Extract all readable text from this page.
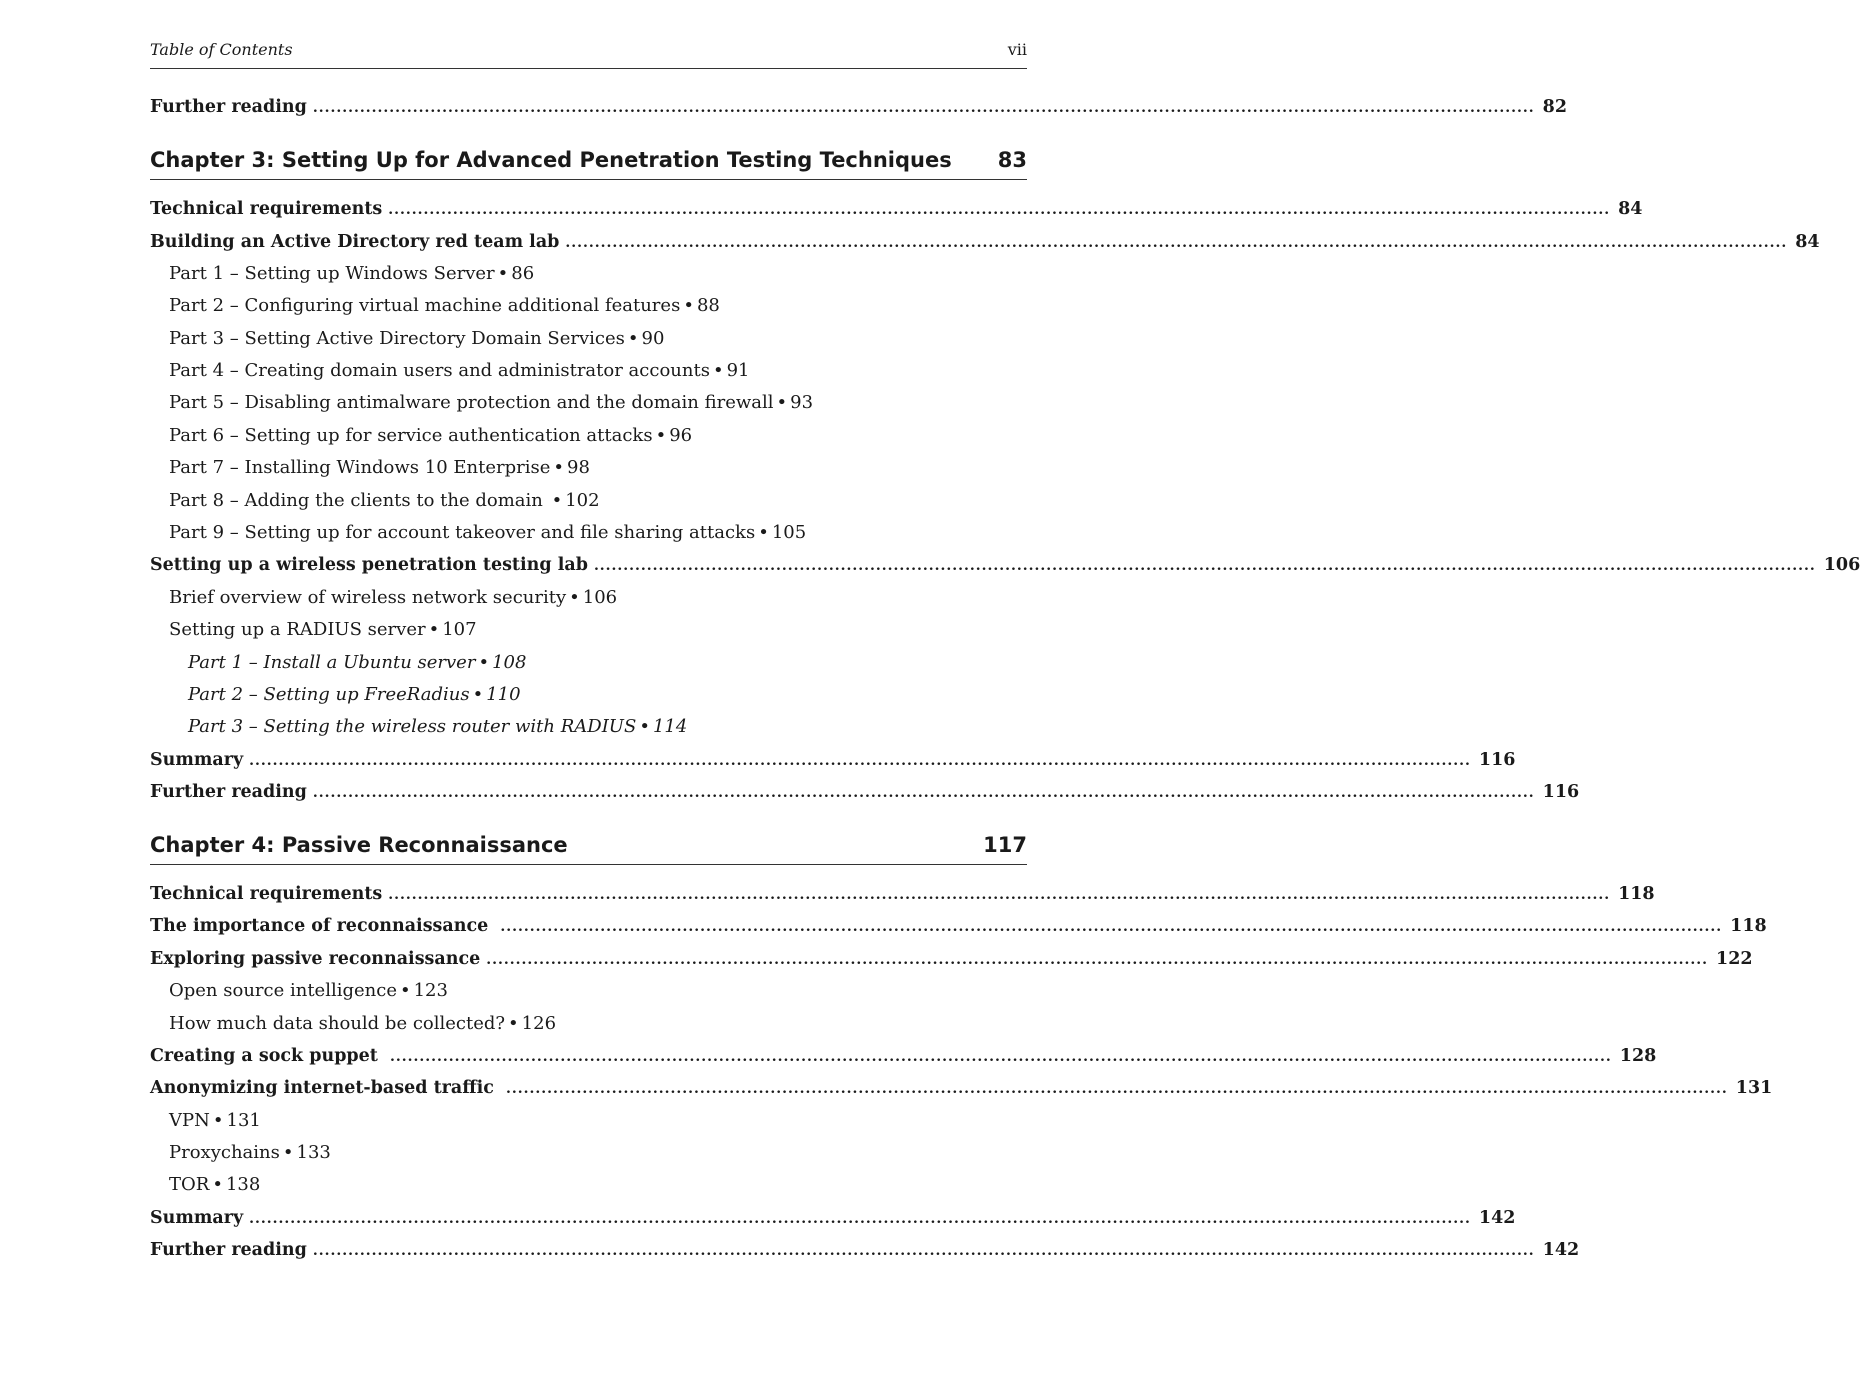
Table of Contents	vii
Further reading ................................................................................................................................................................................................................ 82
Chapter 3: Setting Up for Advanced Penetration Testing Techniques 83
Technical requirements ................................................................................................................................................................................................................ 84
Building an Active Directory red team lab ................................................................................................................................................................................................................ 84
Part 1 – Setting up Windows Server • 86
Part 2 – Configuring virtual machine additional features • 88
Part 3 – Setting Active Directory Domain Services • 90
Part 4 – Creating domain users and administrator accounts • 91
Part 5 – Disabling antimalware protection and the domain firewall • 93
Part 6 – Setting up for service authentication attacks • 96
Part 7 – Installing Windows 10 Enterprise • 98
Part 8 – Adding the clients to the domain • 102
Part 9 – Setting up for account takeover and file sharing attacks • 105
Setting up a wireless penetration testing lab ................................................................................................................................................................................................................ 106
Brief overview of wireless network security • 106
Setting up a RADIUS server • 107
Part 1 – Install a Ubuntu server • 108
Part 2 – Setting up FreeRadius • 110
Part 3 – Setting the wireless router with RADIUS • 114
Summary ................................................................................................................................................................................................................ 116
Further reading ................................................................................................................................................................................................................ 116
Chapter 4: Passive Reconnaissance	117
Technical requirements ................................................................................................................................................................................................................ 118
The importance of reconnaissance ................................................................................................................................................................................................................ 118
Exploring passive reconnaissance ................................................................................................................................................................................................................ 122
Open source intelligence • 123
How much data should be collected? • 126
Creating a sock puppet ................................................................................................................................................................................................................ 128
Anonymizing internet-based traffic ................................................................................................................................................................................................................ 131
VPN • 131
Proxychains • 133
TOR • 138
Summary ................................................................................................................................................................................................................ 142
Further reading ................................................................................................................................................................................................................ 142
